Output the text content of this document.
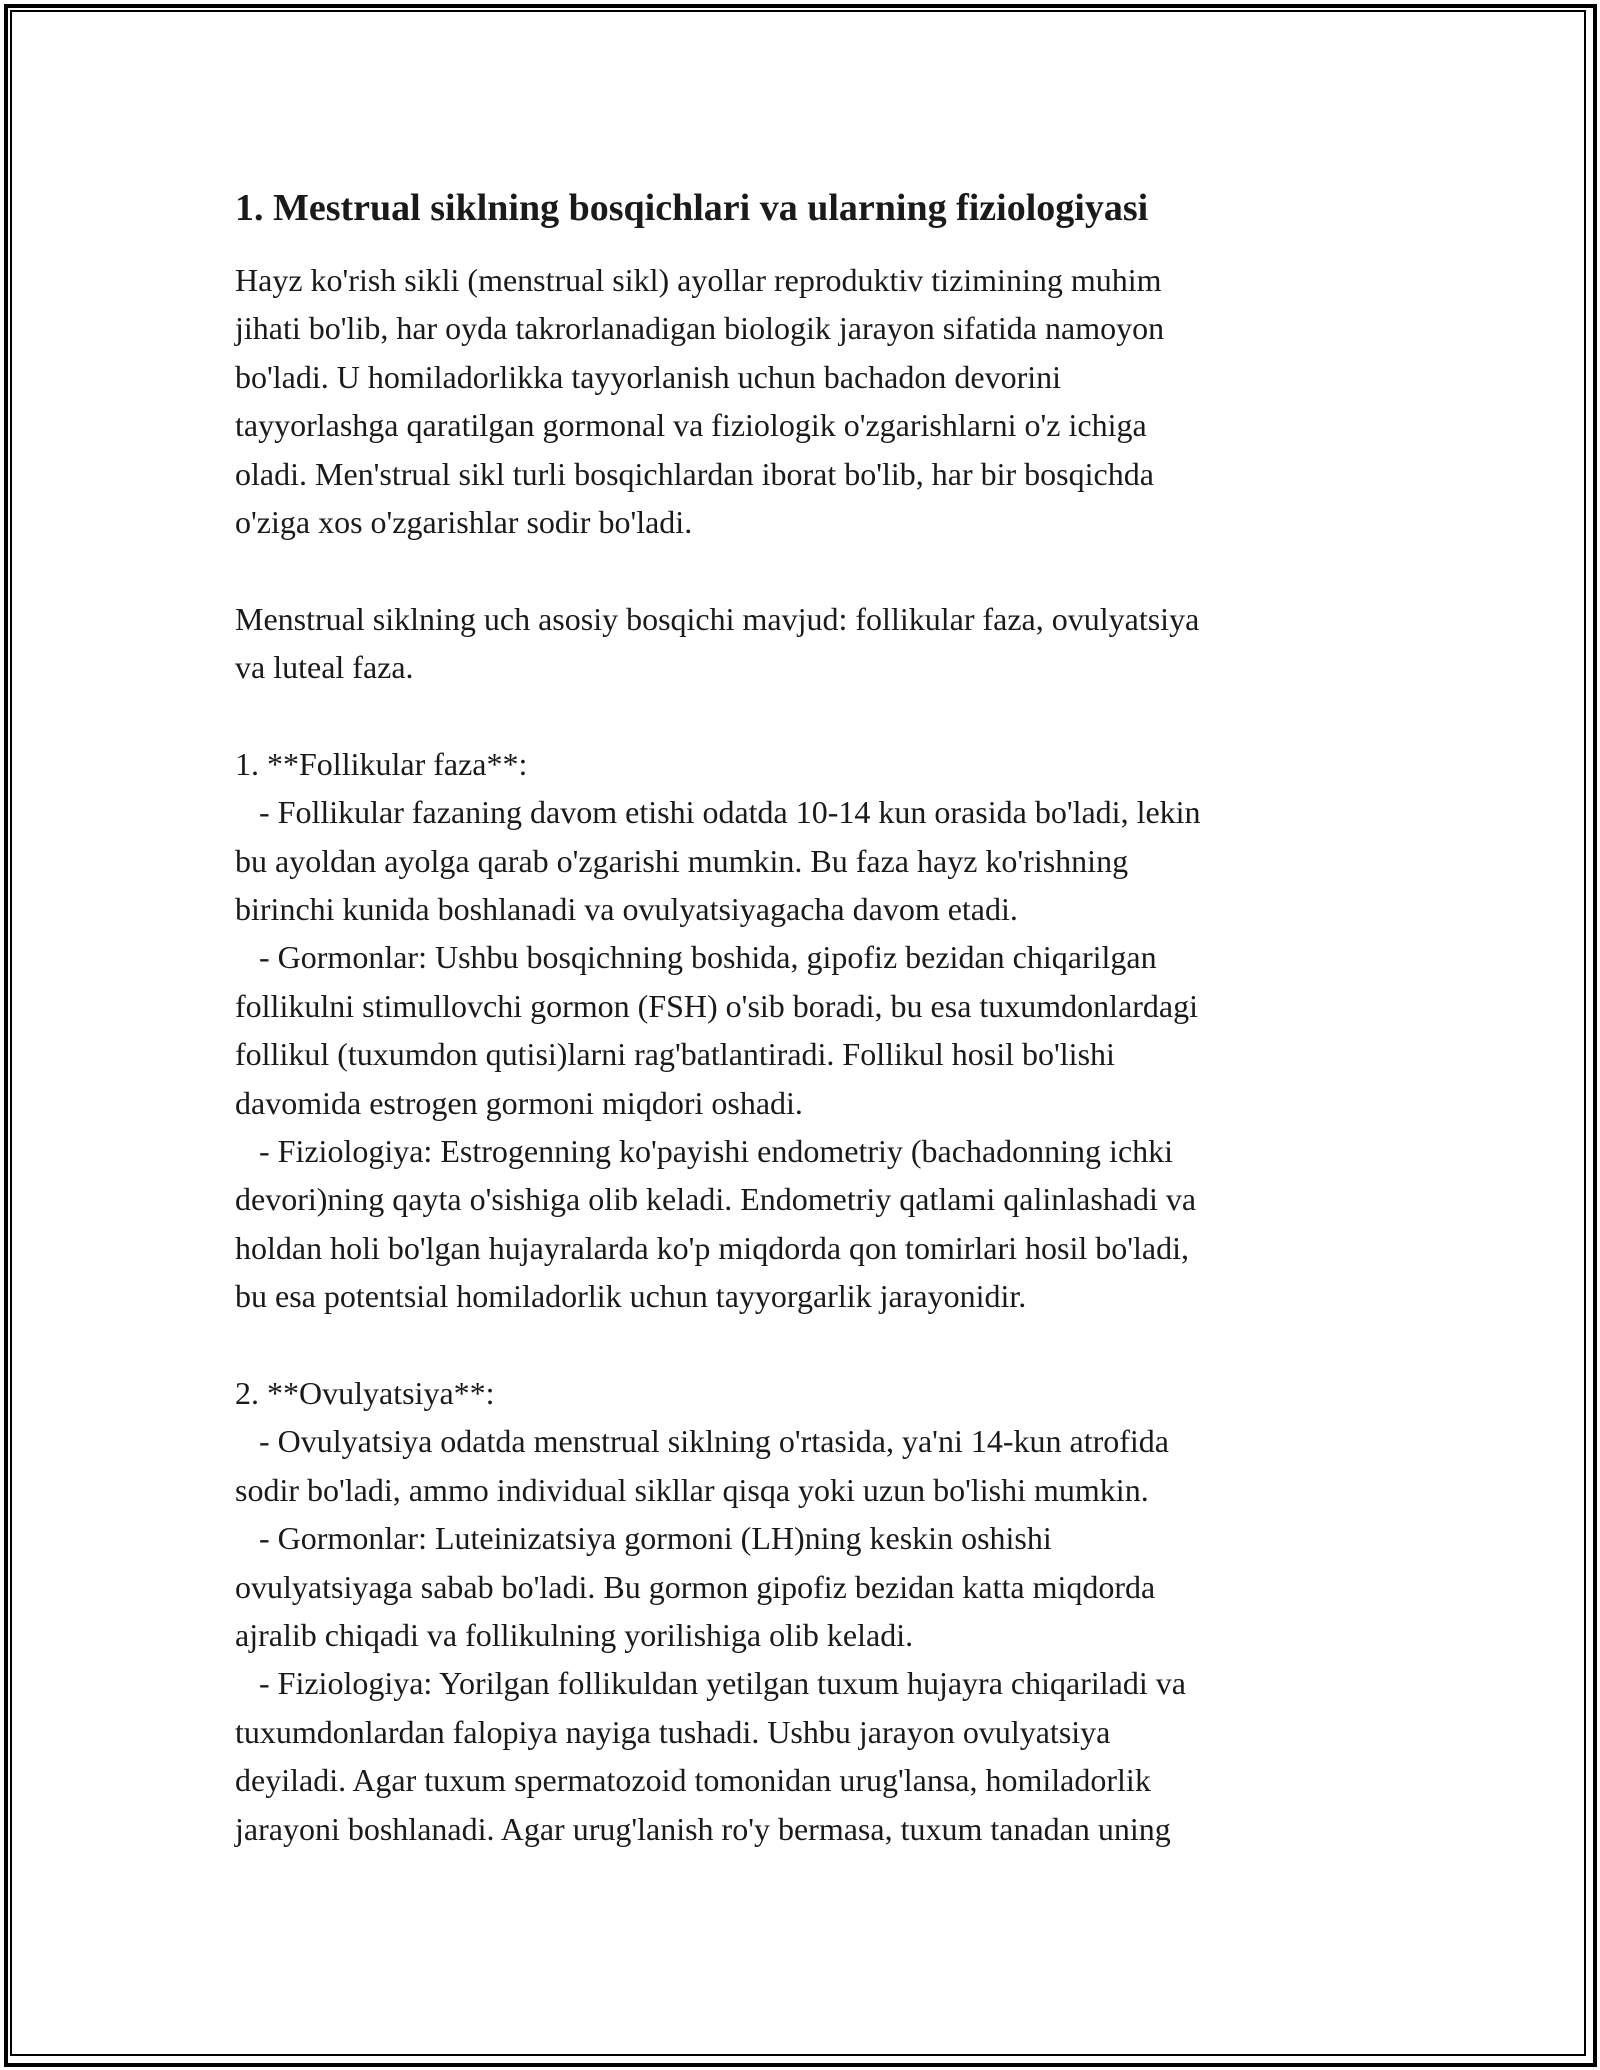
1. Mestrual siklning bosqichlari va ularning fiziologiyasi
Hayz ko'rish sikli (menstrual sikl) ayollar reproduktiv tizimining muhim
jihati bo'lib, har oyda takrorlanadigan biologik jarayon sifatida namoyon
bo'ladi. U homiladorlikka tayyorlanish uchun bachadon devorini
tayyorlashga qaratilgan gormonal va fiziologik o'zgarishlarni o'z ichiga
oladi. Men'strual sikl turli bosqichlardan iborat bo'lib, har bir bosqichda
o'ziga xos o'zgarishlar sodir bo'ladi.
Menstrual siklning uch asosiy bosqichi mavjud: follikular faza, ovulyatsiya
va luteal faza.
1. **Follikular faza**:
- Follikular fazaning davom etishi odatda 10-14 kun orasida bo'ladi, lekin
bu ayoldan ayolga qarab o'zgarishi mumkin. Bu faza hayz ko'rishning
birinchi kunida boshlanadi va ovulyatsiyagacha davom etadi.
- Gormonlar: Ushbu bosqichning boshida, gipofiz bezidan chiqarilgan
follikulni stimullovchi gormon (FSH) o'sib boradi, bu esa tuxumdonlardagi
follikul (tuxumdon qutisi)larni rag'batlantiradi. Follikul hosil bo'lishi
davomida estrogen gormoni miqdori oshadi.
- Fiziologiya: Estrogenning ko'payishi endometriy (bachadonning ichki
devori)ning qayta o'sishiga olib keladi. Endometriy qatlami qalinlashadi va
holdan holi bo'lgan hujayralarda ko'p miqdorda qon tomirlari hosil bo'ladi,
bu esa potentsial homiladorlik uchun tayyorgarlik jarayonidir.
2. **Ovulyatsiya**:
- Ovulyatsiya odatda menstrual siklning o'rtasida, ya'ni 14-kun atrofida
sodir bo'ladi, ammo individual sikllar qisqa yoki uzun bo'lishi mumkin.
- Gormonlar: Luteinizatsiya gormoni (LH)ning keskin oshishi
ovulyatsiyaga sabab bo'ladi. Bu gormon gipofiz bezidan katta miqdorda
ajralib chiqadi va follikulning yorilishiga olib keladi.
- Fiziologiya: Yorilgan follikuldan yetilgan tuxum hujayra chiqariladi va
tuxumdonlardan falopiya nayiga tushadi. Ushbu jarayon ovulyatsiya
deyiladi. Agar tuxum spermatozoid tomonidan urug'lansa, homiladorlik
jarayoni boshlanadi. Agar urug'lanish ro'y bermasa, tuxum tanadan uning
